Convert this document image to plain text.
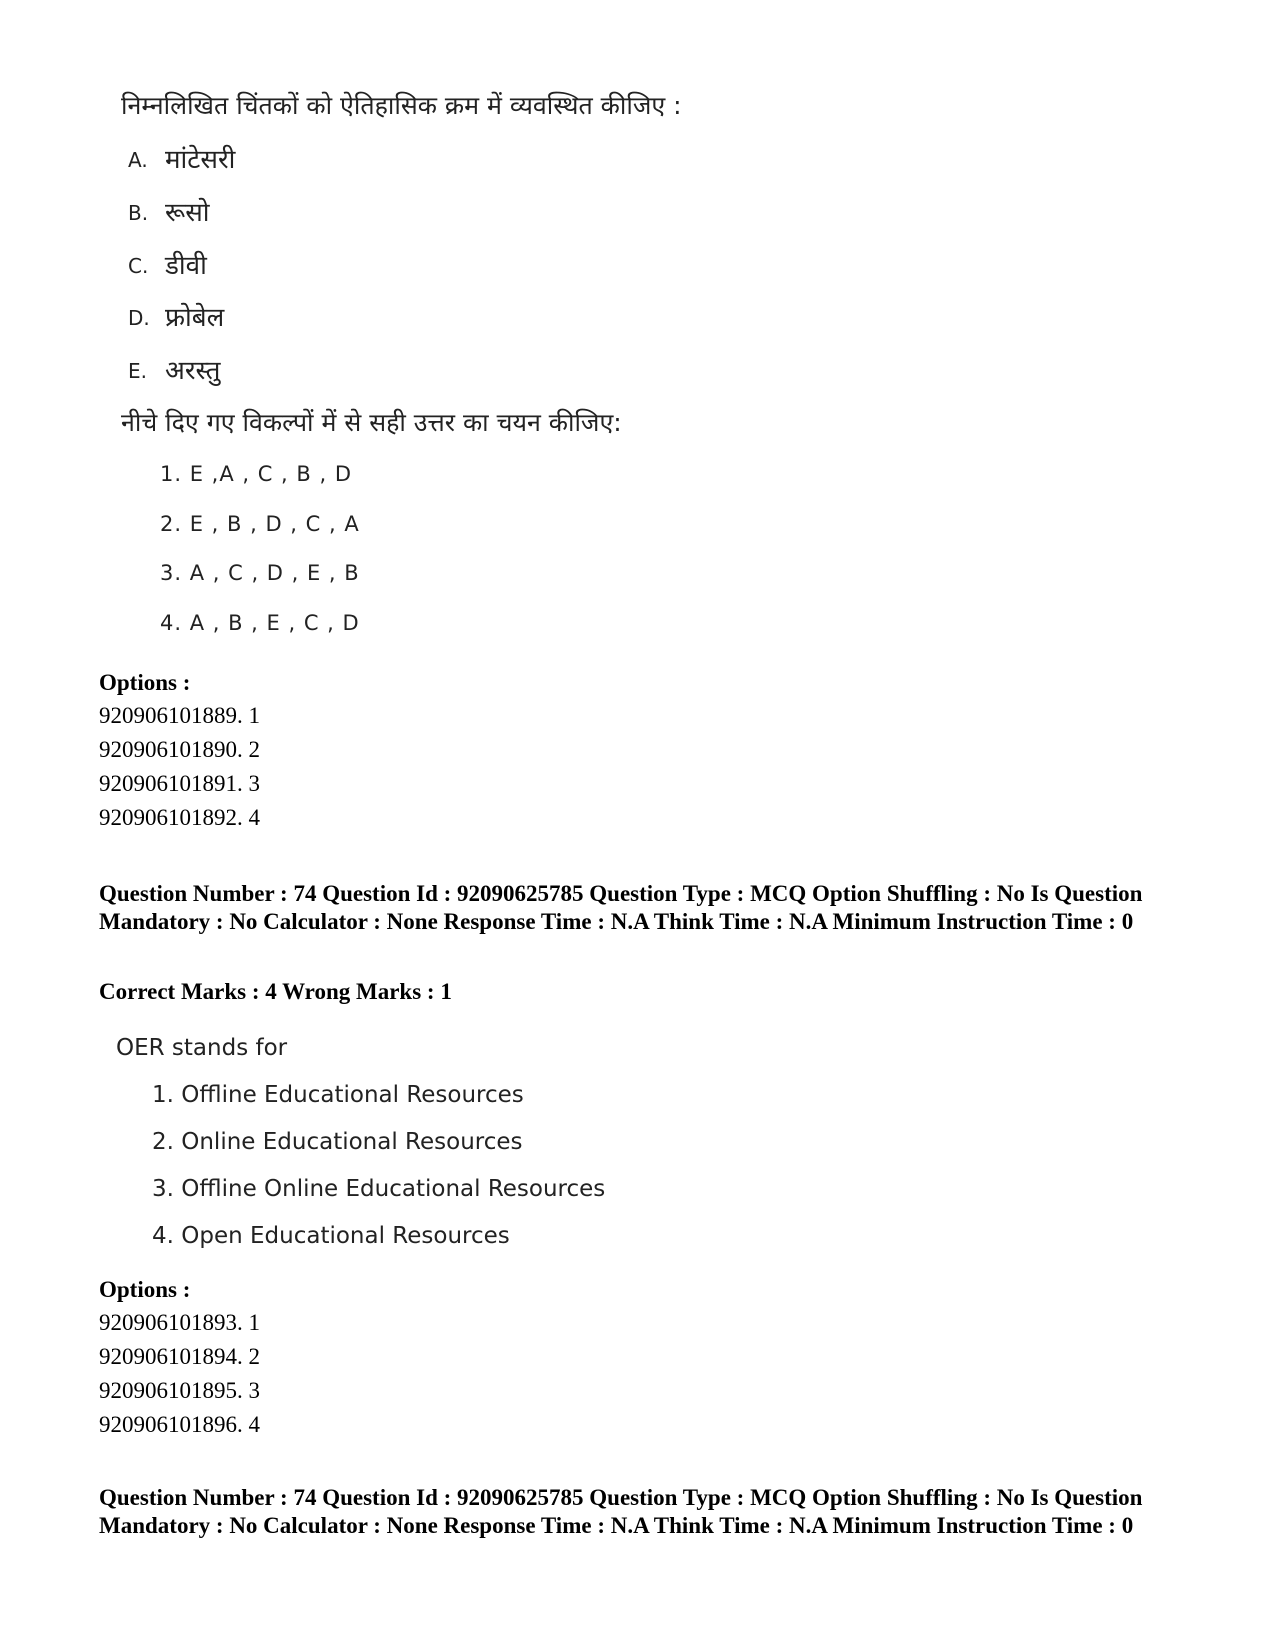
निम्नलिखित चिंतकों को ऐतिहासिक क्रम में व्यवस्थित कीजिए :
A. मांटेसरी
B. रूसो
C. डीवी
D. फ्रोबेल
E. अरस्तु
नीचे दिए गए विकल्पों में से सही उत्तर का चयन कीजिए:
1. E ,A , C , B , D
2. E , B , D , C , A
3. A , C , D , E , B
4. A , B , E , C , D
Options :
920906101889. 1
920906101890. 2
920906101891. 3
920906101892. 4
Question Number : 74 Question Id : 92090625785 Question Type : MCQ Option Shuffling : No Is Question Mandatory : No Calculator : None Response Time : N.A Think Time : N.A Minimum Instruction Time : 0
Correct Marks : 4 Wrong Marks : 1
OER stands for
1. Offline Educational Resources
2. Online Educational Resources
3. Offline Online Educational Resources
4. Open Educational Resources
Options :
920906101893. 1
920906101894. 2
920906101895. 3
920906101896. 4
Question Number : 74 Question Id : 92090625785 Question Type : MCQ Option Shuffling : No Is Question Mandatory : No Calculator : None Response Time : N.A Think Time : N.A Minimum Instruction Time : 0
